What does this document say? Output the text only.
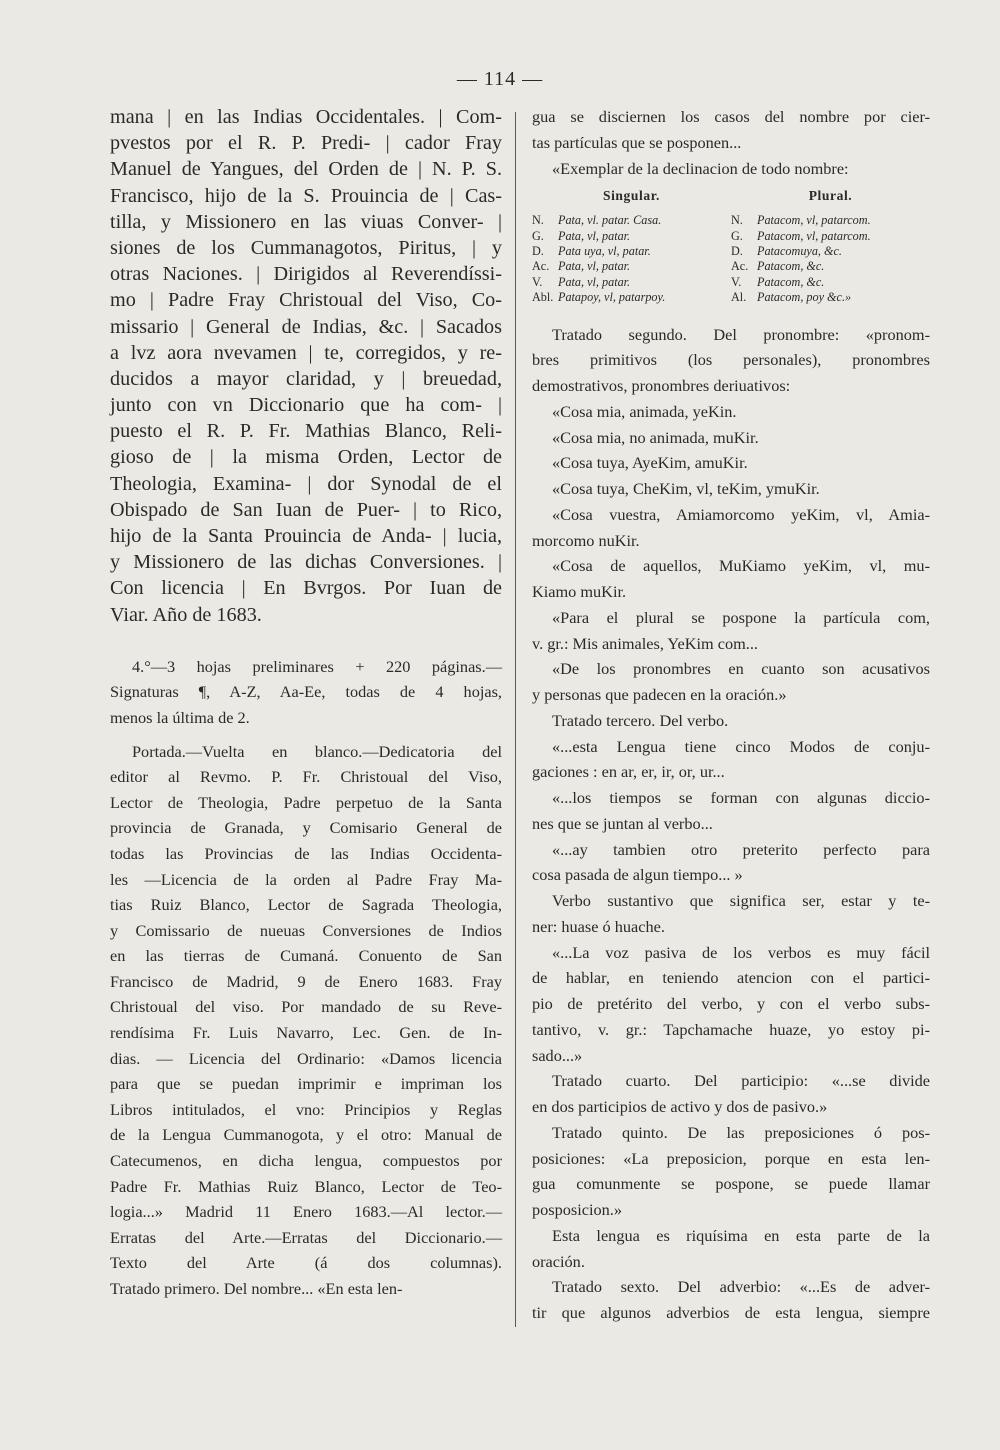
— 114 —
mana | en las Indias Occidentales. | Com-
pvestos por el R. P. Predi- | cador Fray
Manuel de Yangues, del Orden de | N. P. S.
Francisco, hijo de la S. Prouincia de | Cas-
tilla, y Missionero en las viuas Conver- |
siones de los Cummanagotos, Piritus, | y
otras Naciones. | Dirigidos al Reverendíssi-
mo | Padre Fray Christoual del Viso, Co-
missario | General de Indias, &c. | Sacados
a lvz aora nvevamen | te, corregidos, y re-
ducidos a mayor claridad, y | breuedad,
junto con vn Diccionario que ha com- |
puesto el R. P. Fr. Mathias Blanco, Reli-
gioso de | la misma Orden, Lector de
Theologia, Examina- | dor Synodal de el
Obispado de San Iuan de Puer- | to Rico,
hijo de la Santa Prouincia de Anda- | lucia,
y Missionero de las dichas Conversiones. |
Con licencia | En Bvrgos. Por Iuan de
Viar. Año de 1683.
4.°—3 hojas preliminares + 220 páginas.—
Signaturas ¶, A-Z, Aa-Ee, todas de 4 hojas,
menos la última de 2.
Portada.—Vuelta en blanco.—Dedicatoria del
editor al Revmo. P. Fr. Christoual del Viso,
Lector de Theologia, Padre perpetuo de la Santa
provincia de Granada, y Comisario General de
todas las Provincias de las Indias Occidenta-
les —Licencia de la orden al Padre Fray Ma-
tias Ruiz Blanco, Lector de Sagrada Theologia,
y Comissario de nueuas Conversiones de Indios
en las tierras de Cumaná. Conuento de San
Francisco de Madrid, 9 de Enero 1683. Fray
Christoual del viso. Por mandado de su Reve-
rendísima Fr. Luis Navarro, Lec. Gen. de In-
dias. — Licencia del Ordinario: «Damos licencia
para que se puedan imprimir e impriman los
Libros intitulados, el vno: Principios y Reglas
de la Lengua Cummanogota, y el otro: Manual de
Catecumenos, en dicha lengua, compuestos por
Padre Fr. Mathias Ruiz Blanco, Lector de Teo-
logia...» Madrid 11 Enero 1683.—Al lector.—
Erratas del Arte.—Erratas del Diccionario.—
Texto del Arte (á dos columnas).
Tratado primero. Del nombre... «En esta len-
gua se disciernen los casos del nombre por cier-
tas partículas que se posponen...
«Exemplar de la declinacion de todo nombre:
Singular.
N. Pata, vl. patar. Casa.
G. Pata, vl, patar.
D. Pata uya, vl, patar.
Ac. Pata, vl, patar.
V. Pata, vl, patar.
Abl. Patapoy, vl, patarpoy.
Plural.
N. Patacom, vl, patarcom.
G. Patacom, vl, patarcom.
D. Patacomuya, &c.
Ac. Patacom, &c.
V. Patacom, &c.
Al. Patacom, poy &c.»
Tratado segundo. Del pronombre: «pronom-
bres primitivos (los personales), pronombres
demostrativos, pronombres deriuativos:
«Cosa mia, animada, yeKin.
«Cosa mia, no animada, muKir.
«Cosa tuya, AyeKim, amuKir.
«Cosa tuya, CheKim, vl, teKim, ymuKir.
«Cosa vuestra, Amiamorcomo yeKim, vl, Amia-
morcomo nuKir.
«Cosa de aquellos, MuKiamo yeKim, vl, mu-
Kiamo muKir.
«Para el plural se pospone la partícula com,
v. gr.: Mis animales, YeKim com...
«De los pronombres en cuanto son acusativos
y personas que padecen en la oración.»
Tratado tercero. Del verbo.
«...esta Lengua tiene cinco Modos de conju-
gaciones : en ar, er, ir, or, ur...
«...los tiempos se forman con algunas diccio-
nes que se juntan al verbo...
«...ay tambien otro preterito perfecto para
cosa pasada de algun tiempo... »
Verbo sustantivo que significa ser, estar y te-
ner: huase ó huache.
«...La voz pasiva de los verbos es muy fácil
de hablar, en teniendo atencion con el partici-
pio de pretérito del verbo, y con el verbo subs-
tantivo, v. gr.: Tapchamache huaze, yo estoy pi-
sado...»
Tratado cuarto. Del participio: «...se divide
en dos participios de activo y dos de pasivo.»
Tratado quinto. De las preposiciones ó pos-
posiciones: «La preposicion, porque en esta len-
gua comunmente se pospone, se puede llamar
posposicion.»
Esta lengua es riquísima en esta parte de la
oración.
Tratado sexto. Del adverbio: «...Es de adver-
tir que algunos adverbios de esta lengua, siempre
